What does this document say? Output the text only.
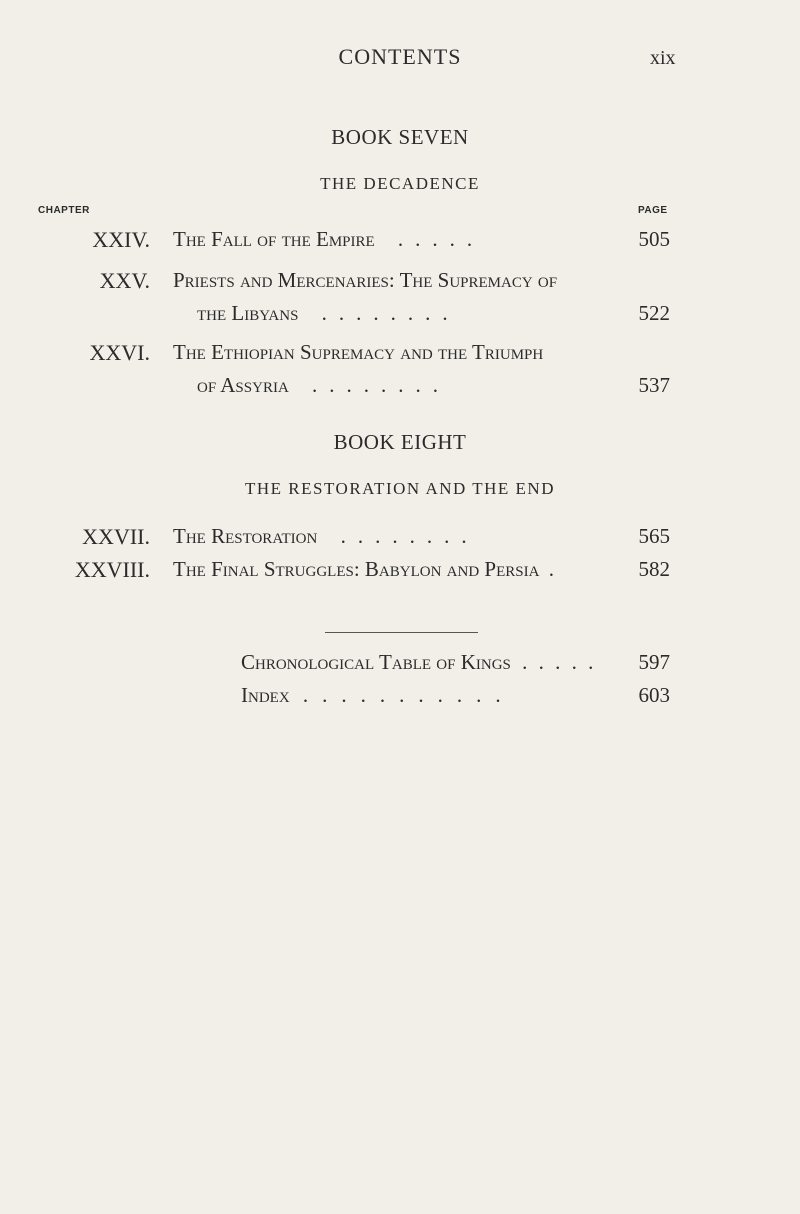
CONTENTS	xix
BOOK SEVEN
THE DECADENCE
CHAPTER	PAGE
XXIV. The Fall of the Empire .....	505
XXV. Priests and Mercenaries: The Supremacy of
the Libyans ........	522
XXVI. The Ethiopian Supremacy and the Triumph
of Assyria ........	537
BOOK EIGHT
THE RESTORATION AND THE END
XXVII. The Restoration ........	565
XXVIII. The Final Struggles: Babylon and Persia .	582
Chronological Table of Kings . . . . .	597
Index ...........	603
